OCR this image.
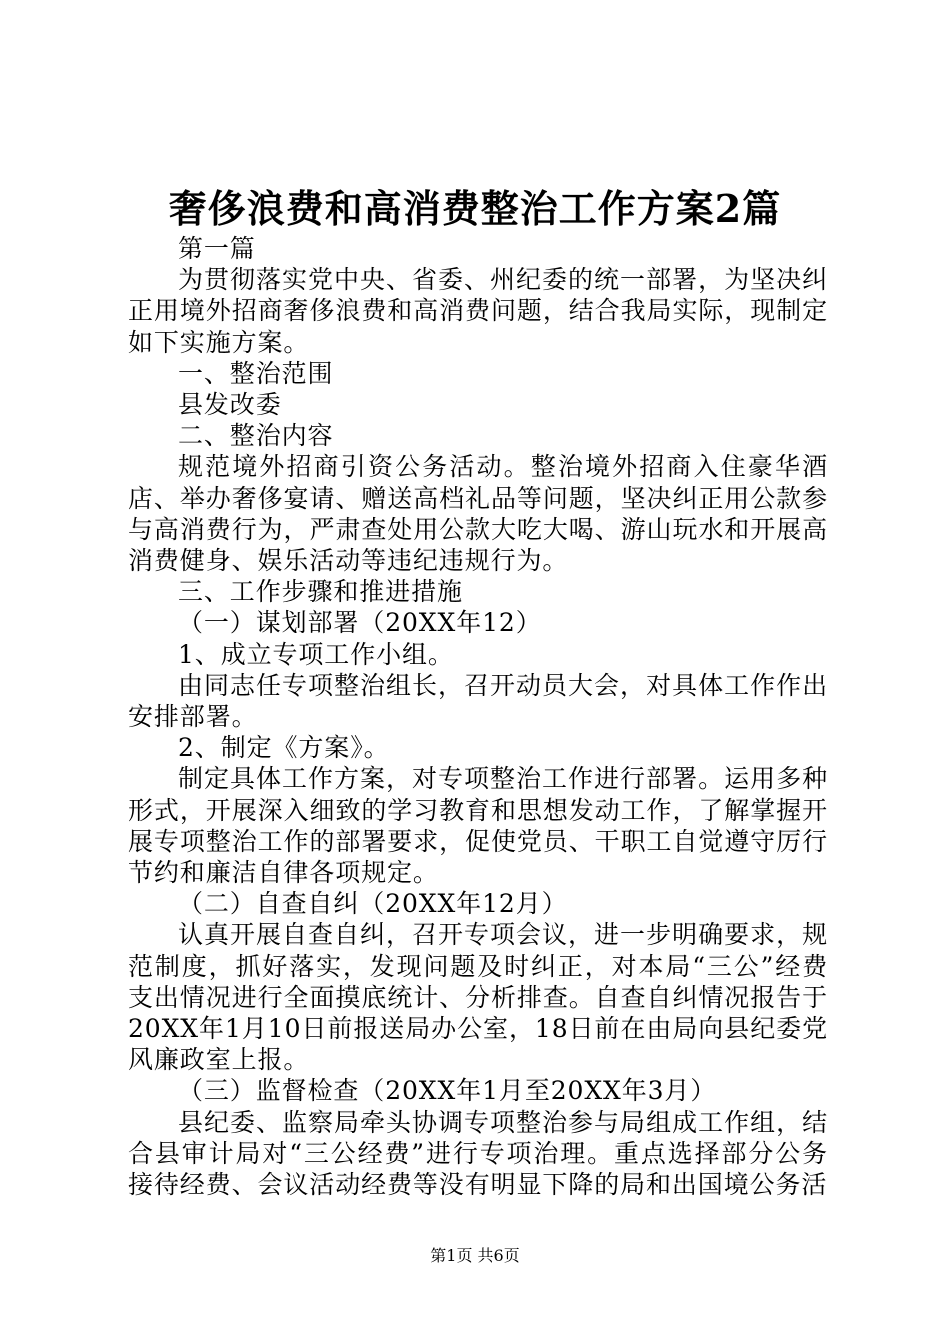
奢侈浪费和高消费整治工作方案2篇

第一篇

为贯彻落实党中央、省委、州纪委的统一部署，为坚决纠正用境外招商奢侈浪费和高消费问题，结合我局实际，现制定如下实施方案。

一、整治范围

县发改委

二、整治内容

规范境外招商引资公务活动。整治境外招商入住豪华酒店、举办奢侈宴请、赠送高档礼品等问题，坚决纠正用公款参与高消费行为，严肃查处用公款大吃大喝、游山玩水和开展高消费健身、娱乐活动等违纪违规行为。

三、工作步骤和推进措施

（一）谋划部署（20XX年12）

1、成立专项工作小组。

由同志任专项整治组长，召开动员大会，对具体工作作出安排部署。

2、制定《方案》。

制定具体工作方案，对专项整治工作进行部署。运用多种形式，开展深入细致的学习教育和思想发动工作，了解掌握开展专项整治工作的部署要求，促使党员、干职工自觉遵守厉行节约和廉洁自律各项规定。

（二）自查自纠（20XX年12月）

认真开展自查自纠，召开专项会议，进一步明确要求，规范制度，抓好落实，发现问题及时纠正，对本局“三公”经费支出情况进行全面摸底统计、分析排查。自查自纠情况报告于20XX年1月10日前报送局办公室，18日前在由局向县纪委党风廉政室上报。

（三）监督检查（20XX年1月至20XX年3月）

县纪委、监察局牵头协调专项整治参与局组成工作组，结合县审计局对“三公经费”进行专项治理。重点选择部分公务接待经费、会议活动经费等没有明显下降的局和出国境公务活

第1页 共6页
